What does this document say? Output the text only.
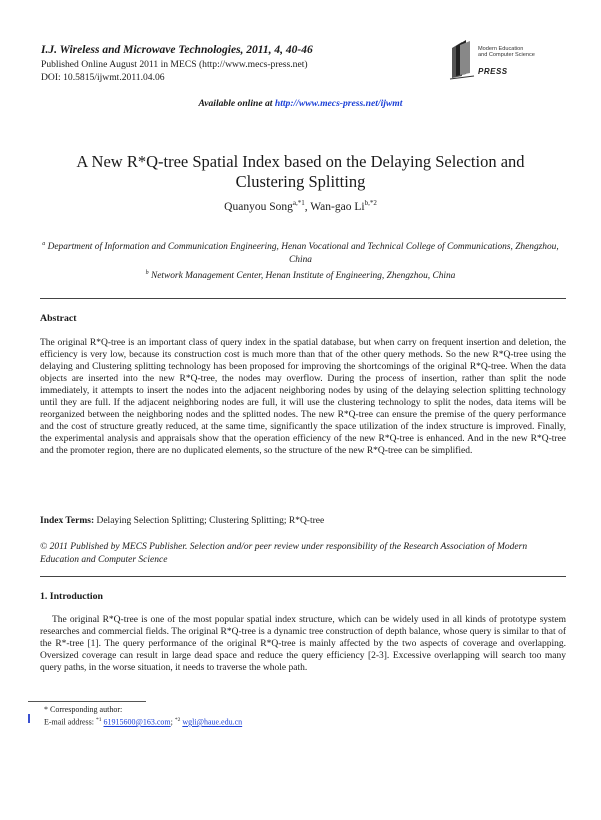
I.J. Wireless and Microwave Technologies, 2011, 4, 40-46
Published Online August 2011 in MECS (http://www.mecs-press.net)
DOI: 10.5815/ijwmt.2011.04.06
Modern Education
and Computer Science
PRESS
Available online at http://www.mecs-press.net/ijwmt
A New R*Q-tree Spatial Index based on the Delaying Selection and
Clustering Splitting
Quanyou Song$^{a,*1}$, Wan-gao $Li^{b,*2}$
$^a$ Department of Information and Communication Engineering, Henan Vocational and Technical College of Communications, Zhengzhou, China
$^b$ Network Management Center, Henan Institute of Engineering, Zhengzhou, China
Abstract
The original R*Q-tree is an important class of query index in the spatial database, but when carry on frequent insertion and deletion, the efficiency is very low, because its construction cost is much more than that of the other query methods. So the new R*Q-tree using the delaying and Clustering splitting technology has been proposed for improving the shortcomings of the original R*Q-tree. When the data objects are inserted into the new R*Q-tree, the nodes may overflow. During the process of insertion, rather than split the node immediately, it attempts to insert the nodes into the adjacent neighboring nodes by using of the delaying selection splitting technology until they are full. If the adjacent neighboring nodes are full, it will use the clustering technology to split the nodes, data items will be reorganized between the neighboring nodes and the splitted nodes. The new R*Q-tree can ensure the premise of the query performance and the cost of structure greatly reduced, at the same time, significantly the space utilization of the index structure is improved. Finally, the experimental analysis and appraisals show that the operation efficiency of the new R*Q-tree is enhanced. And in the new R*Q-tree and the promoter region, there are no duplicated elements, so the structure of the new R*Q-tree can be simplified.
Index Terms: Delaying Selection Splitting; Clustering Splitting; R*Q-tree
© 2011 Published by MECS Publisher. Selection and/or peer review under responsibility of the Research Association of Modern Education and Computer Science
1. Introduction
The original R*Q-tree is one of the most popular spatial index structure, which can be widely used in all kinds of prototype system researches and commercial fields. The original R*Q-tree is a dynamic tree construction of depth balance, whose query is similar to that of the R*-tree [1]. The query performance of the original R*Q-tree is mainly affected by the two aspects of coverage and overlapping. Oversized coverage can result in large dead space and reduce the query efficiency [2-3]. Excessive overlapping will search too many query paths, in the worse situation, it needs to traverse the whole path.
* Corresponding author:
E-mail address: $^{*1}$ 61915600@163.com; $^{*2}$ wgli@haue.edu.cn
